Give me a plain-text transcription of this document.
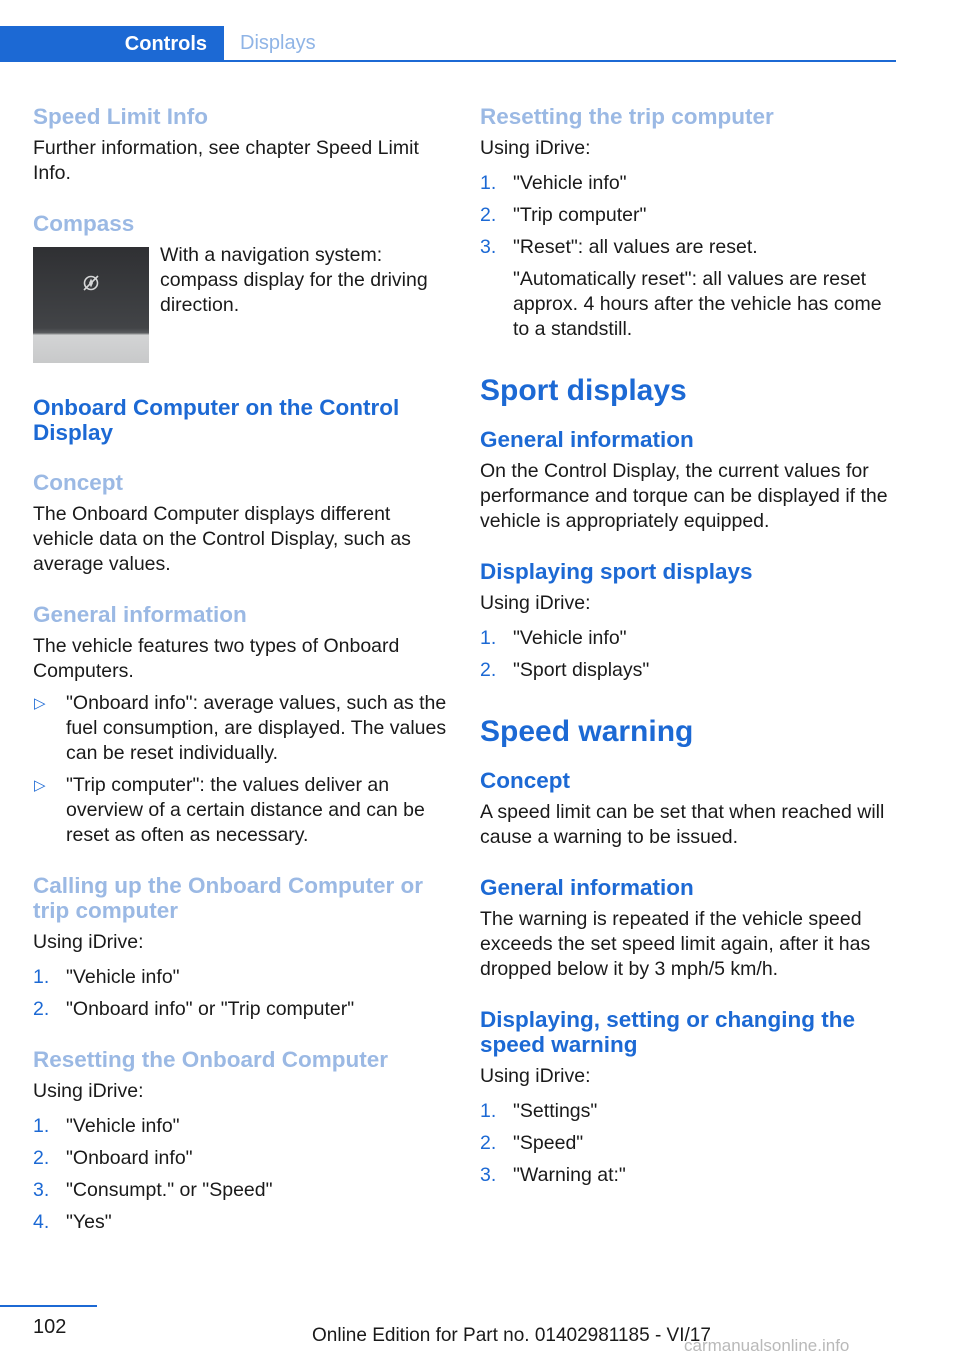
Controls	Displays
Speed Limit Info

Further information, see chapter Speed Limit Info.

Compass
With a navigation system: compass display for the driving direction.
Onboard Computer on the Control Display
Concept

The Onboard Computer displays different vehicle data on the Control Display, such as average values.

General information

The vehicle features two types of Onboard Computers.

▷ "Onboard info": average values, such as the fuel consumption, are displayed. The values can be reset individually.
▷ "Trip computer": the values deliver an overview of a certain distance and can be reset as often as necessary.
Calling up the Onboard Computer or trip computer

Using iDrive:

1. "Vehicle info"
2. "Onboard info" or "Trip computer"
Resetting the Onboard Computer

Using iDrive:

1. "Vehicle info"
2. "Onboard info"
3. "Consumpt." or "Speed"
4. "Yes"
Resetting the trip computer

Using iDrive:

1. "Vehicle info"
2. "Trip computer"
3. "Reset": all values are reset.
"Automatically reset": all values are reset approx. 4 hours after the vehicle has come to a standstill.
Sport displays
General information

On the Control Display, the current values for performance and torque can be displayed if the vehicle is appropriately equipped.

Displaying sport displays

Using iDrive:

1. "Vehicle info"
2. "Sport displays"
Speed warning
Concept

A speed limit can be set that when reached will cause a warning to be issued.

General information

The warning is repeated if the vehicle speed exceeds the set speed limit again, after it has dropped below it by 3 mph/5 km/h.

Displaying, setting or changing the speed warning

Using iDrive:

1. "Settings"
2. "Speed"
3. "Warning at:"
102	Online Edition for Part no. 01402981185 - VI/17
carmanualsonline.info
